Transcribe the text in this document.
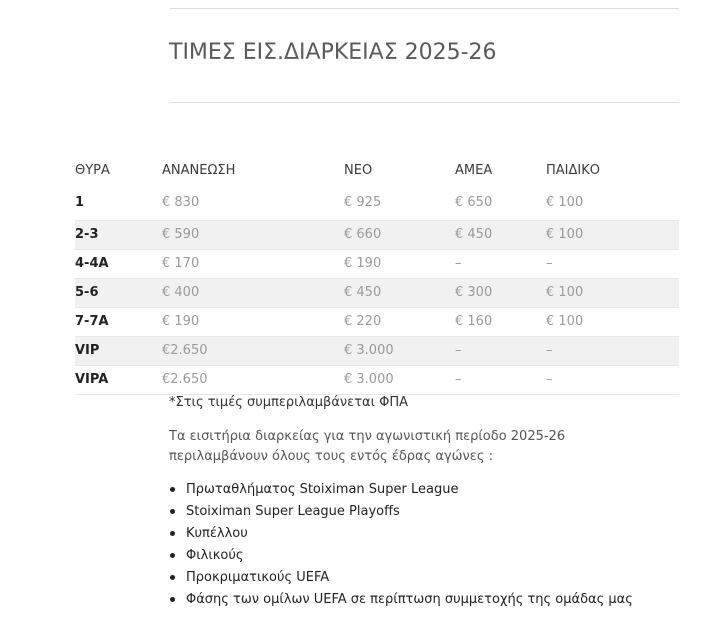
ΤΙΜΕΣ ΕΙΣ.ΔΙΑΡΚΕΙΑΣ 2025-26
ΘΥΡΑ	ΑΝΑΝΕΩΣΗ	ΝΕΟ	ΑΜΕΑ	ΠΑΙΔΙΚΟ
1	€ 830	€ 925	€ 650	€ 100
2-3	€ 590	€ 660	€ 450	€ 100
4-4Α	€ 170	€ 190	–	–
5-6	€ 400	€ 450	€ 300	€ 100
7-7Α	€ 190	€ 220	€ 160	€ 100
VIP	€2.650	€ 3.000	–	–
VIPA	€2.650	€ 3.000	–	–
*Στις τιμές συμπεριλαμβάνεται ΦΠΑ

Τα εισιτήρια διαρκείας για την αγωνιστική περίοδο 2025-26 περιλαμβάνουν όλους τους εντός έδρας αγώνες :

Πρωταθλήματος Stoiximan Super League
Stoiximan Super League Playoffs
Κυπέλλου
Φιλικούς
Προκριματικούς UEFA
Φάσης των ομίλων UEFA σε περίπτωση συμμετοχής της ομάδας μας
